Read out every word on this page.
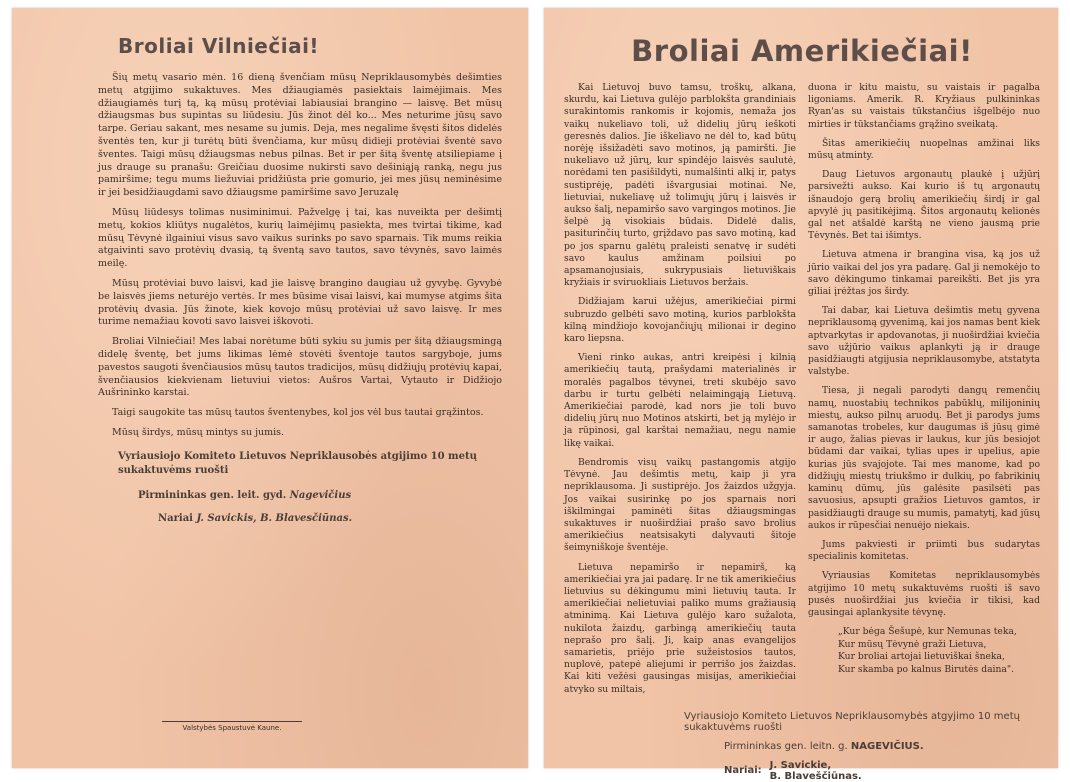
Broliai Vilniečiai!

Šių metų vasario mėn. 16 dieną švenčiam mūsų Nepriklausomybės dešimties metų atgijimo sukaktuves. Mes džiaugiamės pasiektais laimėjimais. Mes džiaugiamės turį tą, ką mūsų protėviai labiausiai brangino — laisvę. Bet mūsų džiaugsmas bus supintas su liūdesiu. Jūs žinot dėl ko... Mes neturime jūsų savo tarpe. Geriau sakant, mes nesame su jumis. Deja, mes negalime švęsti šitos didelės šventės ten, kur ji turėtų būti švenčiama, kur mūsų didieji protėviai šventė savo šventes. Taigi mūsų džiaugsmas nebus pilnas. Bet ir per šitą šventę atsiliepiame į jus drauge su pranašu: Greičiau duosime nukirsti savo dešiniąją ranką, negu jus pamiršime; tegu mums liežuviai pridžiūsta prie gomurio, jei mes jūsų neminėsime ir jei besidžiaugdami savo džiaugsme pamiršime savo Jeruzalę

Mūsų liūdesys tolimas nusiminimui. Pažvelgę į tai, kas nuveikta per dešimtį metų, kokios kliūtys nugalėtos, kurių laimėjimų pasiekta, mes tvirtai tikime, kad mūsų Tėvynė ilgainiui visus savo vaikus surinks po savo sparnais. Tik mums reikia atgaivinti savo protėvių dvasią, tą šventą savo tautos, savo tėvynės, savo laimės meilę.

Mūsų protėviai buvo laisvi, kad jie laisvę brangino daugiau už gyvybę. Gyvybė be laisvės jiems neturėjo vertės. Ir mes būsime visai laisvi, kai mumyse atgims šita protėvių dvasia. Jūs žinote, kiek kovojo mūsų protėviai už savo laisvę. Ir mes turime nemažiau kovoti savo laisvei iškovoti.

Broliai Vilniečiai! Mes labai norėtume būti sykiu su jumis per šitą džiaugsmingą didelę šventę, bet jums likimas lėmė stovėti šventoje tautos sargyboje, jums pavestos saugoti švenčiausios mūsų tautos tradicijos, mūsų didžiųjų protėvių kapai, švenčiausios kiekvienam lietuviui vietos: Aušros Vartai, Vytauto ir Didžiojo Aušrininko karstai.

Taigi saugokite tas mūsų tautos šventenybes, kol jos vėl bus tautai grąžintos.

Mūsų širdys, mūsų mintys su jumis.

Vyriausiojo Komiteto Lietuvos Nepriklausobės atgijimo 10 metų sukaktuvėms ruošti

Pirmininkas gen. leit. gyd. Nagevičius
Nariai J. Savickis, B. Blavesčiūnas.
Valstybės Spaustuvė Kaune.
Broliai Amerikiečiai!

Kai Lietuvoj buvo tamsu, troškų, alkana, skurdu, kai Lietuva gulėjo parblokšta grandiniais surakintomis rankomis ir kojomis, nemaža jos vaikų nukeliavo toli, už didelių jūrų ieškoti geresnės dalios. Jie iškeliavo ne dėl to, kad būtų norėję išsižadėti savo motinos, ją pamiršti. Jie nukeliavo už jūrų, kur spindėjo laisvės saulutė, norėdami ten pasišildyti, numalšinti alkį ir, patys sustiprėję, padėti išvargusiai motinai. Ne, lietuviai, nukeliavę už tolimųjų jūrų į laisvės ir aukso šalį, nepamiršo savo vargingos motinos. Jie šelpė ją visokiais būdais. Didelė dalis, pasiturinčių turto, grįždavo pas savo motiną, kad po jos sparnu galėtų praleisti senatvę ir sudėti savo kaulus amžinam poilsiui po apsamanojusiais, sukrypusiais lietuviškais kryžiais ir sviruokliais Lietuvos beržais.

Didžiajam karui užėjus, amerikiečiai pirmi subruzdo gelbėti savo motiną, kurios parblokšta kilną mindžiojo kovojančiųjų milionai ir degino karo liepsna.

Vieni rinko aukas, antri kreipėsi į kilnią amerikiečių tautą, prašydami materialinės ir moralės pagalbos tėvynei, treti skubėjo savo darbu ir turtu gelbėti nelaimingąją Lietuvą. Amerikiečiai parodė, kad nors jie toli buvo didelių jūrų nuo Motinos atskirti, bet ją mylėjo ir ja rūpinosi, gal karštai nemažiau, negu namie likę vaikai.

Bendromis visų vaikų pastangomis atgijo Tėvynė. Jau dešimtis metų, kaip ji yra nepriklausoma. Ji sustiprėjo. Jos žaizdos užgyja. Jos vaikai susirinkę po jos sparnais nori iškilmingai paminėti šitas džiaugsmingas sukaktuves ir nuoširdžiai prašo savo brolius amerikiečius neatsisakyti dalyvauti šitoje šeimyniškoje šventėje.

Lietuva nepamiršo ir nepamirš, ką amerikiečiai yra jai padarę. Ir ne tik amerikiečius lietuvius su dėkingumu mini lietuvių tauta. Ir amerikiečiai nelietuviai paliko mums gražiausią atminimą. Kai Lietuva gulėjo karo sužalota, nukilota žaizdų, garbingą amerikiečių tauta neprašo pro šalį. Ji, kaip anas evangelijos samarietis, priėjo prie sužeistosios tautos, nuplovė, patepė aliejumi ir perrišo jos žaizdas. Kai kiti vežėsi gausingas misijas, amerikiečiai atvyko su miltais,

duona ir kitu maistu, su vaistais ir pagalba ligoniams. Amerik. R. Kryžiaus pulkininkas Ryan'as su vaistais tūkstančius išgelbėjo nuo mirties ir tūkstančiams grąžino sveikatą.

Šitas amerikiečių nuopelnas amžinai liks mūsų atminty.

Daug Lietuvos argonautų plaukė į užjūrį parsivežti aukso. Kai kurio iš tų argonautų išnaudojo gerą brolių amerikiečių širdį ir gal apvylė jų pasitikėjimą. Šitos argonautų kelionės gal net atšaldė karštą ne vieno jausmą prie Tėvynės. Bet tai išimtys.

Lietuva atmena ir brangina visa, ką jos už jūrio vaikai del jos yra padarę. Gal ji nemokėjo to savo dėkingumo tinkamai pareikšti. Bet jis yra giliai įrėžtas jos širdy.

Tai dabar, kai Lietuva dešimtis metų gyvena nepriklausomą gyvenimą, kai jos namas bent kiek aptvarkytas ir apdovanotas, ji nuoširdžiai kviečia savo užjūrio vaikus aplankyti ją ir drauge pasidžiaugti atgijusia nepriklausomybe, atstatyta valstybe.

Tiesa, ji negali parodyti dangų remenčių namų, nuostabių technikos pabūklų, milijoninių miestų, aukso pilnų aruodų. Bet ji parodys jums samanotas trobeles, kur daugumas iš jūsų gimė ir augo, žalias pievas ir laukus, kur jūs besiojot būdami dar vaikai, tylias upes ir upelius, apie kurias jūs svajojote. Tai mes manome, kad po didžiųjų miestų triukšmo ir dulkių, po fabrikinių kaminų dūmų, jūs galėsite pasilsėti pas savuosius, apsupti gražios Lietuvos gamtos, ir pasidžiaugti drauge su mumis, pamatytį, kad jūsų aukos ir rūpesčiai nenuėjo niekais.

Jums pakviesti ir priimti bus sudarytas specialinis komitetas.

Vyriausias Komitetas nepriklausomybės atgijimo 10 metų sukaktuvėms ruošti iš savo pusės nuoširdžiai jus kviečia ir tikisi, kad gausingai aplankysite tėvynę.

„Kur bėga Šešupė, kur Nemunas teka,
Kur mūsų Tėvynė graži Lietuva,
Kur broliai artojai lietuviškai šneka,
Kur skamba po kalnus Birutės daina".
Vyriausiojo Komiteto Lietuvos Nepriklausomybės atgyjimo 10 metų sukaktuvėms ruošti
Pirmininkas gen. leitn. g. NAGEVIČIUS.
Nariai: J. Savickie,
B. Blaveščiūnas.
